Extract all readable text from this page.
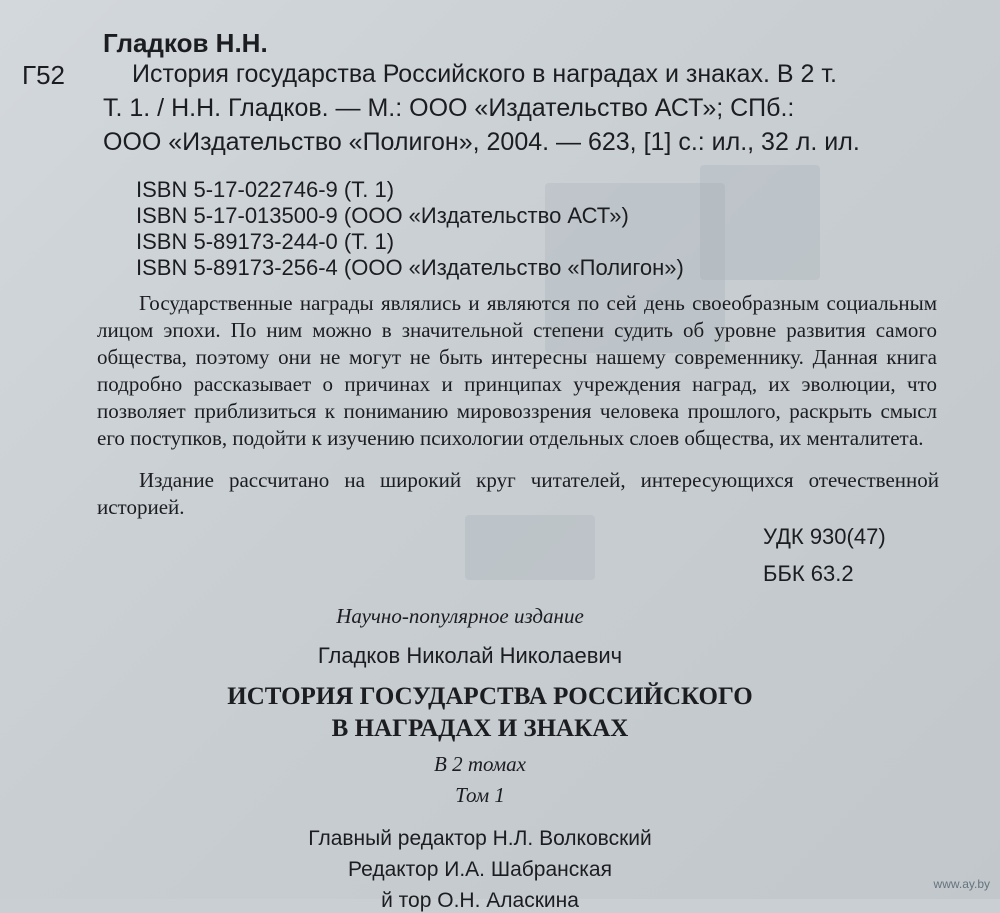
Гладков Н.Н.
Г52	История государства Российского в наградах и знаках. В 2 т.
Т. 1. / Н.Н. Гладков. — М.: ООО «Издательство АСТ»; СПб.:
ООО «Издательство «Полигон», 2004. — 623, [1] с.: ил., 32 л. ил.
ISBN 5-17-022746-9 (Т. 1)
ISBN 5-17-013500-9 (ООО «Издательство АСТ»)
ISBN 5-89173-244-0 (Т. 1)
ISBN 5-89173-256-4 (ООО «Издательство «Полигон»)
Государственные награды являлись и являются по сей день своеобразным социальным лицом эпохи. По ним можно в значительной степени судить об уровне развития самого общества, поэтому они не могут не быть интересны нашему современнику. Данная книга подробно рассказывает о причинах и принципах учреждения наград, их эволюции, что позволяет приблизиться к пониманию мировоззрения человека прошлого, раскрыть смысл его поступков, подойти к изучению психологии отдельных слоев общества, их менталитета.
Издание рассчитано на широкий круг читателей, интересующихся отечественной историей.
УДК 930(47)
ББК 63.2
Научно-популярное издание
Гладков Николай Николаевич
ИСТОРИЯ ГОСУДАРСТВА РОССИЙСКОГО
В НАГРАДАХ И ЗНАКАХ
В 2 томах
Том 1
Главный редактор Н.Л. Волковский
Редактор И.А. Шабранская
й тор О.Н. Аласкина
www.ay.by
